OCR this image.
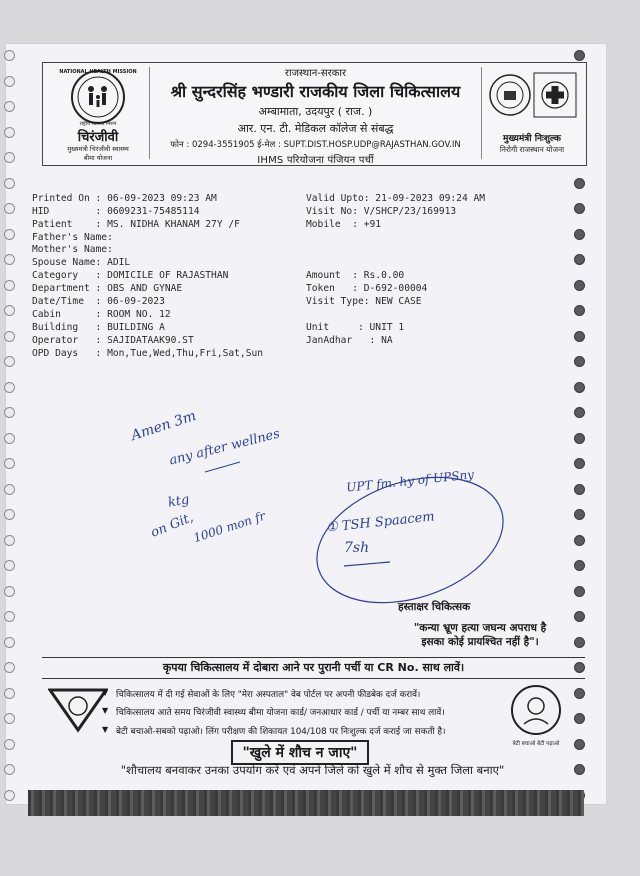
NATIONAL HEALTH MISSION
राष्ट्रीय स्वास्थ्य मिशन
चिरंजीवी
मुख्यमंत्री चिरंजीवी स्वास्थ्य
बीमा योजना
राजस्थान-सरकार
श्री सुन्दरसिंह भण्डारी राजकीय जिला चिकित्सालय
अम्बामाता, उदयपुर ( राज. )
आर. एन. टी. मेडिकल कॉलेज से संबद्ध
फोन : 0294-3551905 ई-मेल : SUPT.DIST.HOSP.UDP@RAJASTHAN.GOV.IN
IHMS परियोजना पंजियन पर्ची
मुख्यमंत्री निःशुल्क
निरोगी राजस्थान योजना
Printed On : 06-09-2023 09:23 AM	Valid Upto: 21-09-2023 09:24 AM
HID        : 0609231-75485114	Visit No: V/SHCP/23/169913
Patient    : MS. NIDHA KHANAM 27Y /F	Mobile  : +91
Father's Name:
Mother's Name:
Spouse Name: ADIL
Category   : DOMICILE OF RAJASTHAN	Amount  : Rs.0.00
Department : OBS AND GYNAE	Token   : D-692-00004
Date/Time  : 06-09-2023	Visit Type: NEW CASE
Cabin      : ROOM NO. 12
Building   : BUILDING A	Unit     : UNIT 1
Operator   : SAJIDATAAK90.ST	JanAdhar   : NA
OPD Days   : Mon,Tue,Wed,Thu,Fri,Sat,Sun
Amen 3m
any after wellnes
ktg
on Git,
1000 mon fr
UPT fm. hy of UPSny
① TSH Spaacem
7sh
हस्ताक्षर चिकित्सक
"कन्या भ्रूण हत्या जघन्य अपराध है
इसका कोई प्रायश्चित नहीं है"।
कृपया चिकित्सालय में दोबारा आने पर पुरानी पर्ची या CR No. साथ लावें।
▼ चिकित्सालय में दी गई सेवाओं के लिए "मेरा अस्पताल" वेब पोर्टल पर अपनी फीडबेक दर्ज करावें।
▼ चिकित्सालय आते समय चिरंजीवी स्वास्थ्य बीमा योजना कार्ड/ जनआधार कार्ड / पर्ची या नम्बर साथ लावें।
▼ बेटी बचाओ-सबको पढ़ाओ। लिंग परीक्षण की शिकायत 104/108 पर निःशुल्क दर्ज कराई जा सकती है।
बेटी बचाओ बेटी पढ़ाओ
"खुले में शौच न जाए"
"शौचालय बनवाकर उनका उपयोग करें एवं अपने जिले को खुले में शौच से मुक्त जिला बनाए"
